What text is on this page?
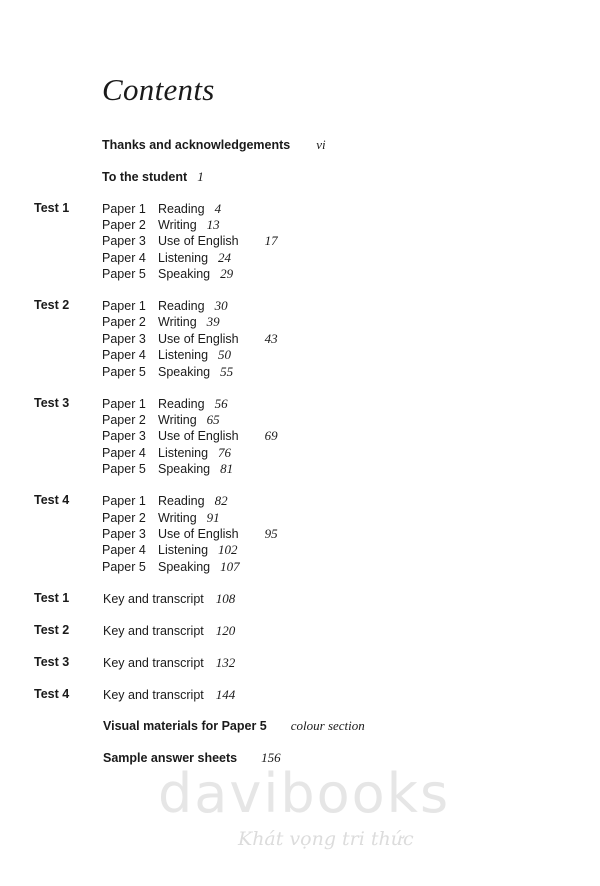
Contents
Thanks and acknowledgements vi
To the student 1
Test 1	Paper 1 Reading 4
Paper 2 Writing 13
Paper 3 Use of English 17
Paper 4 Listening 24
Paper 5 Speaking 29
Test 2	Paper 1 Reading 30
Paper 2 Writing 39
Paper 3 Use of English 43
Paper 4 Listening 50
Paper 5 Speaking 55
Test 3	Paper 1 Reading 56
Paper 2 Writing 65
Paper 3 Use of English 69
Paper 4 Listening 76
Paper 5 Speaking 81
Test 4	Paper 1 Reading 82
Paper 2 Writing 91
Paper 3 Use of English 95
Paper 4 Listening 102
Paper 5 Speaking 107
Test 1	Key and transcript 108
Test 2	Key and transcript 120
Test 3	Key and transcript 132
Test 4	Key and transcript 144
Visual materials for Paper 5 colour section
Sample answer sheets 156
davibooks
Khát vọng tri thức
